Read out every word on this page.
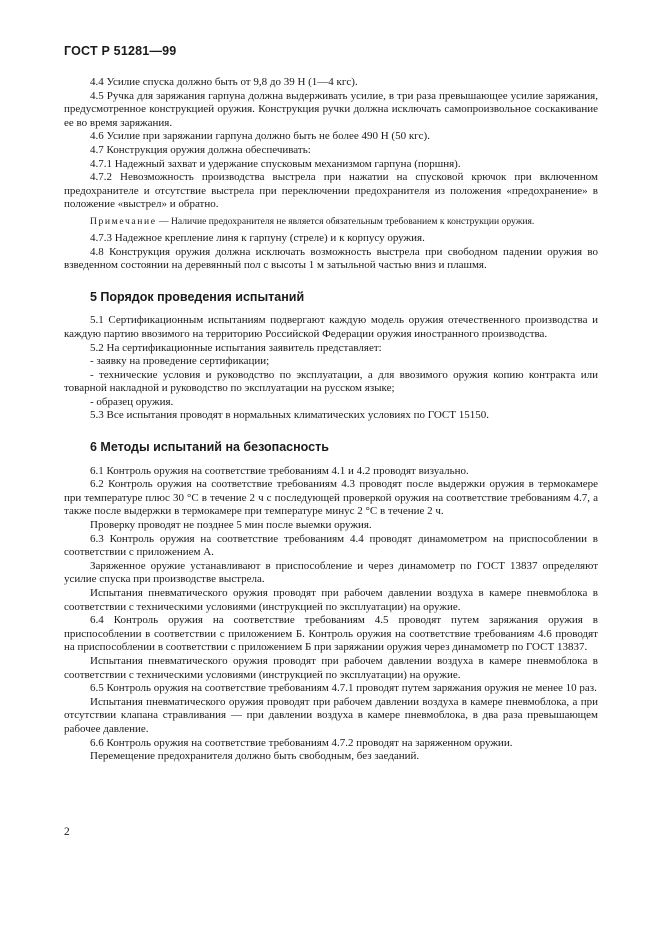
ГОСТ Р 51281—99

4.4 Усилие спуска должно быть от 9,8 до 39 Н (1—4 кгс).

4.5 Ручка для заряжания гарпуна должна выдерживать усилие, в три раза превышающее усилие заряжания, предусмотренное конструкцией оружия. Конструкция ручки должна исключать самопроизвольное соскакивание ее во время заряжания.

4.6 Усилие при заряжании гарпуна должно быть не более 490 Н (50 кгс).

4.7 Конструкция оружия должна обеспечивать:

4.7.1 Надежный захват и удержание спусковым механизмом гарпуна (поршня).

4.7.2 Невозможность производства выстрела при нажатии на спусковой крючок при включенном предохранителе и отсутствие выстрела при переключении предохранителя из положения «предохранение» в положение «выстрел» и обратно.

Примечание — Наличие предохранителя не является обязательным требованием к конструкции оружия.

4.7.3 Надежное крепление линя к гарпуну (стреле) и к корпусу оружия.

4.8 Конструкция оружия должна исключать возможность выстрела при свободном падении оружия во взведенном состоянии на деревянный пол с высоты 1 м затыльной частью вниз и плашмя.

5 Порядок проведения испытаний

5.1 Сертификационным испытаниям подвергают каждую модель оружия отечественного производства и каждую партию ввозимого на территорию Российской Федерации оружия иностранного производства.

5.2 На сертификационные испытания заявитель представляет:

- заявку на проведение сертификации;

- технические условия и руководство по эксплуатации, а для ввозимого оружия копию контракта или товарной накладной и руководство по эксплуатации на русском языке;

- образец оружия.

5.3 Все испытания проводят в нормальных климатических условиях по ГОСТ 15150.

6 Методы испытаний на безопасность

6.1 Контроль оружия на соответствие требованиям 4.1 и 4.2 проводят визуально.

6.2 Контроль оружия на соответствие требованиям 4.3 проводят после выдержки оружия в термокамере при температуре плюс 30 °С в течение 2 ч с последующей проверкой оружия на соответствие требованиям 4.7, а также после выдержки в термокамере при температуре минус 2 °С в течение 2 ч.

Проверку проводят не позднее 5 мин после выемки оружия.

6.3 Контроль оружия на соответствие требованиям 4.4 проводят динамометром на приспособлении в соответствии с приложением А.

Заряженное оружие устанавливают в приспособление и через динамометр по ГОСТ 13837 определяют усилие спуска при производстве выстрела.

Испытания пневматического оружия проводят при рабочем давлении воздуха в камере пневмоблока в соответствии с техническими условиями (инструкцией по эксплуатации) на оружие.

6.4 Контроль оружия на соответствие требованиям 4.5 проводят путем заряжания оружия в приспособлении в соответствии с приложением Б. Контроль оружия на соответствие требованиям 4.6 проводят на приспособлении в соответствии с приложением Б при заряжании оружия через динамометр по ГОСТ 13837.

Испытания пневматического оружия проводят при рабочем давлении воздуха в камере пневмоблока в соответствии с техническими условиями (инструкцией по эксплуатации) на оружие.

6.5 Контроль оружия на соответствие требованиям 4.7.1 проводят путем заряжания оружия не менее 10 раз.

Испытания пневматического оружия проводят при рабочем давлении воздуха в камере пневмоблока, а при отсутствии клапана стравливания — при давлении воздуха в камере пневмоблока, в два раза превышающем рабочее давление.

6.6 Контроль оружия на соответствие требованиям 4.7.2 проводят на заряженном оружии.

Перемещение предохранителя должно быть свободным, без заеданий.

2
